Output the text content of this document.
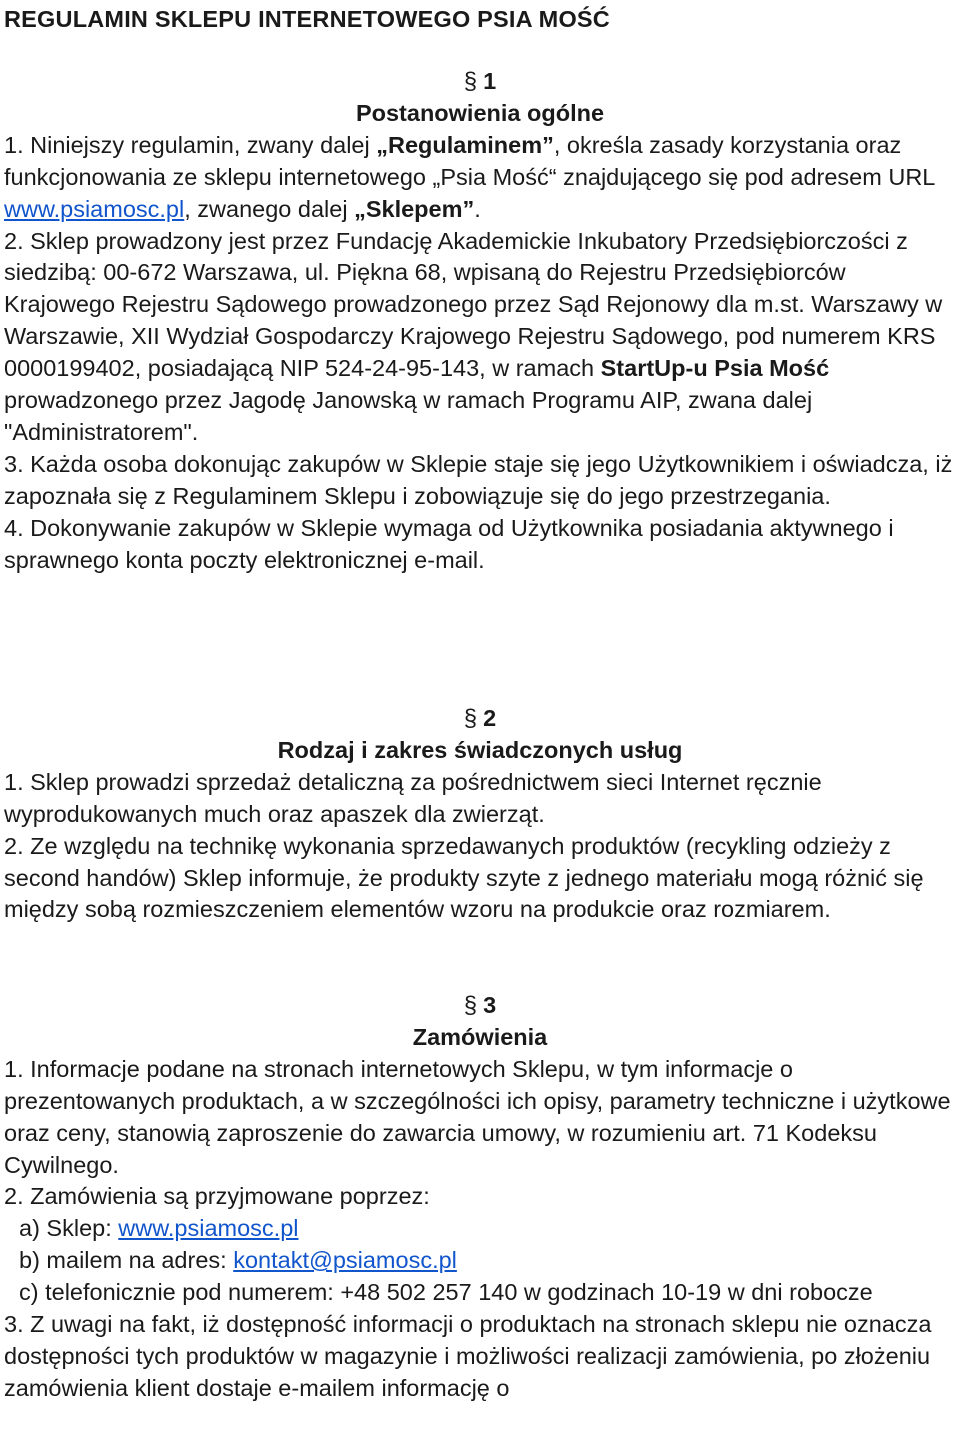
REGULAMIN SKLEPU INTERNETOWEGO PSIA MOŚĆ
§ 1
Postanowienia ogólne

1. Niniejszy regulamin, zwany dalej „Regulaminem”, określa zasady korzystania oraz funkcjonowania ze sklepu internetowego „Psia Mość“ znajdującego się pod adresem URL www.psiamosc.pl, zwanego dalej „Sklepem”.

2. Sklep prowadzony jest przez Fundację Akademickie Inkubatory Przedsiębiorczości z siedzibą: 00-672 Warszawa, ul. Piękna 68, wpisaną do Rejestru Przedsiębiorców Krajowego Rejestru Sądowego prowadzonego przez Sąd Rejonowy dla m.st. Warszawy w Warszawie, XII Wydział Gospodarczy Krajowego Rejestru Sądowego, pod numerem KRS 0000199402, posiadającą NIP 524-24-95-143, w ramach StartUp-u Psia Mość prowadzonego przez Jagodę Janowską w ramach Programu AIP, zwana dalej "Administratorem".

3. Każda osoba dokonując zakupów w Sklepie staje się jego Użytkownikiem i oświadcza, iż zapoznała się z Regulaminem Sklepu i zobowiązuje się do jego przestrzegania.

4. Dokonywanie zakupów w Sklepie wymaga od Użytkownika posiadania aktywnego i sprawnego konta poczty elektronicznej e-mail.

§ 2
Rodzaj i zakres świadczonych usług

1. Sklep prowadzi sprzedaż detaliczną za pośrednictwem sieci Internet ręcznie wyprodukowanych much oraz apaszek dla zwierząt.

2. Ze względu na technikę wykonania sprzedawanych produktów (recykling odzieży z second handów) Sklep informuje, że produkty szyte z jednego materiału mogą różnić się między sobą rozmieszczeniem elementów wzoru na produkcie oraz rozmiarem.

§ 3
Zamówienia

1. Informacje podane na stronach internetowych Sklepu, w tym informacje o prezentowanych produktach, a w szczególności ich opisy, parametry techniczne i użytkowe oraz ceny, stanowią zaproszenie do zawarcia umowy, w rozumieniu art. 71 Kodeksu Cywilnego.

2. Zamówienia są przyjmowane poprzez:

a) Sklep: www.psiamosc.pl

b) mailem na adres: kontakt@psiamosc.pl

c) telefonicznie pod numerem: +48 502 257 140 w godzinach 10-19 w dni robocze

3. Z uwagi na fakt, iż dostępność informacji o produktach na stronach sklepu nie oznacza dostępności tych produktów w magazynie i możliwości realizacji zamówienia, po złożeniu zamówienia klient dostaje e-mailem informację o
